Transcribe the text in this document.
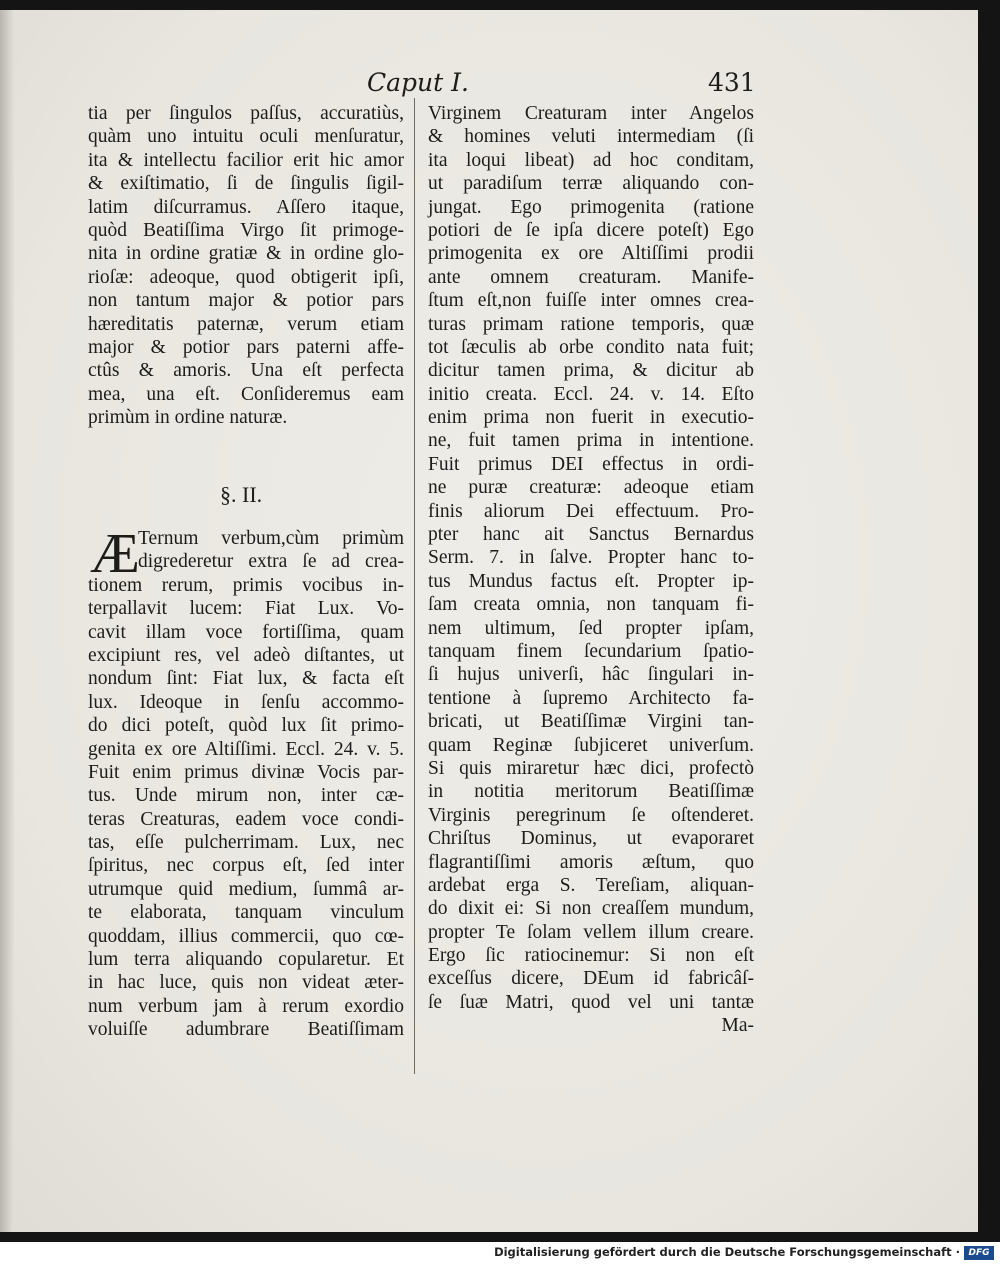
Caput I.	431
tia per ſingulos paſſus, accuratiùs,
quàm uno intuitu oculi menſuratur,
ita & intellectu facilior erit hic amor
& exiſtimatio, ſi de ſingulis ſigil-
latim diſcurramus. Aſſero itaque,
quòd Beatiſſima Virgo ſit primoge-
nita in ordine gratiæ & in ordine glo-
rioſæ: adeoque, quod obtigerit ipſi,
non tantum major & potior pars
hæreditatis paternæ, verum etiam
major & potior pars paterni affe-
ctûs & amoris. Una eſt perfecta
mea, una eſt. Conſideremus eam
primùm in ordine naturæ.
§. II.
Æ
Ternum verbum,cùm primùm
digrederetur extra ſe ad crea-
tionem rerum, primis vocibus in-
terpallavit lucem: Fiat Lux. Vo-
cavit illam voce fortiſſima, quam
excipiunt res, vel adeò diſtantes, ut
nondum ſint: Fiat lux, & facta eſt
lux. Ideoque in ſenſu accommo-
do dici poteſt, quòd lux ſit primo-
genita ex ore Altiſſimi. Eccl. 24. v. 5.
Fuit enim primus divinæ Vocis par-
tus. Unde mirum non, inter cæ-
teras Creaturas, eadem voce condi-
tas, eſſe pulcherrimam. Lux, nec
ſpiritus, nec corpus eſt, ſed inter
utrumque quid medium, ſummâ ar-
te elaborata, tanquam vinculum
quoddam, illius commercii, quo cœ-
lum terra aliquando copularetur. Et
in hac luce, quis non videat æter-
num verbum jam à rerum exordio
voluiſſe adumbrare Beatiſſimam
Virginem Creaturam inter Angelos
& homines veluti intermediam (ſi
ita loqui libeat) ad hoc conditam,
ut paradiſum terræ aliquando con-
jungat. Ego primogenita (ratione
potiori de ſe ipſa dicere poteſt) Ego
primogenita ex ore Altiſſimi prodii
ante omnem creaturam. Manife-
ſtum eſt,non fuiſſe inter omnes crea-
turas primam ratione temporis, quæ
tot ſæculis ab orbe condito nata fuit;
dicitur tamen prima, & dicitur ab
initio creata. Eccl. 24. v. 14. Eſto
enim prima non fuerit in executio-
ne, fuit tamen prima in intentione.
Fuit primus DEI effectus in ordi-
ne puræ creaturæ: adeoque etiam
finis aliorum Dei effectuum. Pro-
pter hanc ait Sanctus Bernardus
Serm. 7. in ſalve. Propter hanc to-
tus Mundus factus eſt. Propter ip-
ſam creata omnia, non tanquam fi-
nem ultimum, ſed propter ipſam,
tanquam finem ſecundarium ſpatio-
ſi hujus univerſi, hâc ſingulari in-
tentione à ſupremo Architecto fa-
bricati, ut Beatiſſimæ Virgini tan-
quam Reginæ ſubjiceret univerſum.
Si quis miraretur hæc dici, profectò
in notitia meritorum Beatiſſimæ
Virginis peregrinum ſe oſtenderet.
Chriſtus Dominus, ut evaporaret
flagrantiſſimi amoris æſtum, quo
ardebat erga S. Tereſiam, aliquan-
do dixit ei: Si non creaſſem mundum,
propter Te ſolam vellem illum creare.
Ergo ſic ratiocinemur: Si non eſt
exceſſus dicere, DEum id fabricâſ-
ſe ſuæ Matri, quod vel uni tantæ
Ma-
Digitalisierung gefördert durch die Deutsche Forschungsgemeinschaft · DFG
